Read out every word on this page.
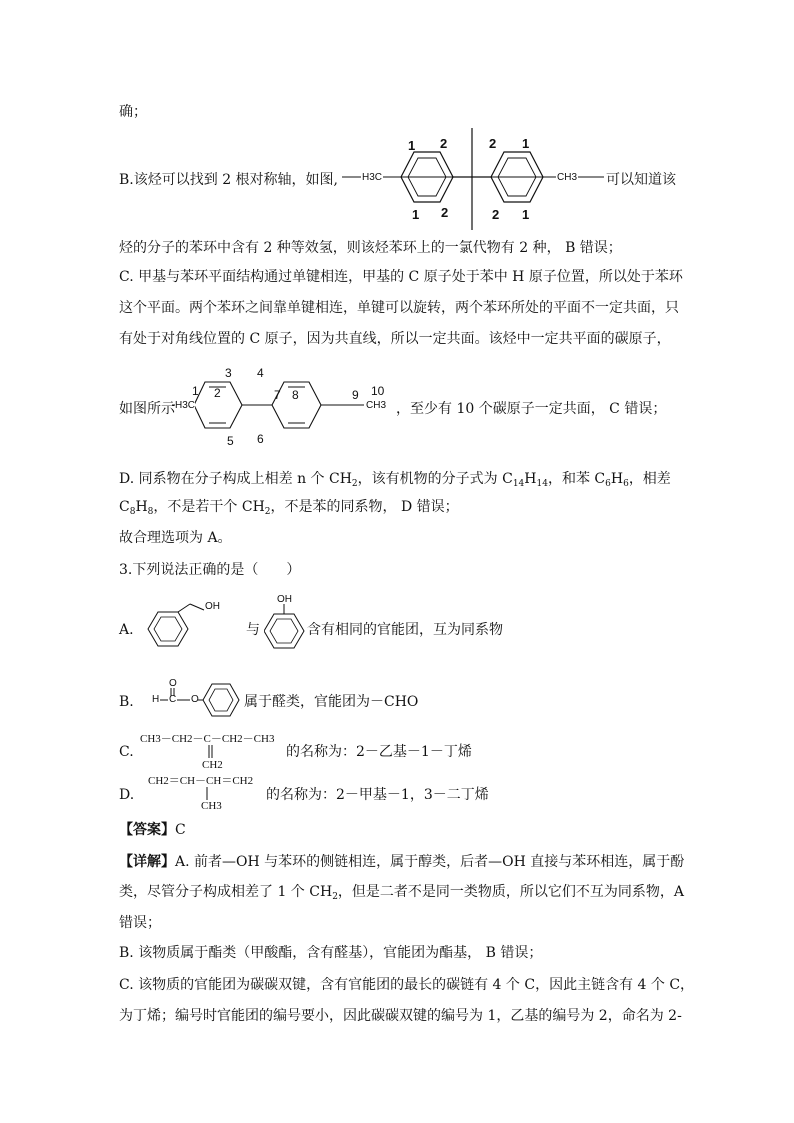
确；
B.该烃可以找到 2 根对称轴，如图,
1 2	2 1
1 2	2 1
H3C	CH3 可以知道该
烃的分子的苯环中含有 2 种等效氢，则该烃苯环上的一氯代物有 2 种， B 错误；
C. 甲基与苯环平面结构通过单键相连，甲基的 C 原子处于苯中 H 原子位置，所以处于苯环
这个平面。两个苯环之间靠单键相连，单键可以旋转，两个苯环所处的平面不一定共面，只
有处于对角线位置的 C 原子，因为共直线，所以一定共面。该烃中一定共平面的碳原子，
如图所示
1 2
3 4
5 6
7 8	9 10
H3C	CH3 ，至少有 10 个碳原子一定共面， C 错误；
D. 同系物在分子构成上相差 n 个 $CH_2$，该有机物的分子式为 $C_{14}H_{14}$，和苯 $C_6H_6$，相差
$C_8H_8$，不是若干个 $CH_2$，不是苯的同系物， D 错误；
故合理选项为 A。
3.下列说法正确的是（　　）
A.
OH
与
OH
含有相同的官能团，互为同系物
B. H C
O
O	属于醛类，官能团为－CHO
C.
CH3－CH2－C－CH2－CH3
CH2
的名称为：2－乙基－1－丁烯
D.
CH2＝CH－CH＝CH2
CH3
的名称为：2－甲基－1，3－二丁烯
【答案】C
【详解】A. 前者—OH 与苯环的侧链相连，属于醇类，后者—OH 直接与苯环相连，属于酚
类，尽管分子构成相差了 1 个 $CH_2$，但是二者不是同一类物质，所以它们不互为同系物，A
错误；
B. 该物质属于酯类（甲酸酯，含有醛基），官能团为酯基， B 错误；
C. 该物质的官能团为碳碳双键，含有官能团的最长的碳链有 4 个 C，因此主链含有 4 个 C，
为丁烯；编号时官能团的编号要小，因此碳碳双键的编号为 1，乙基的编号为 2，命名为 2-
